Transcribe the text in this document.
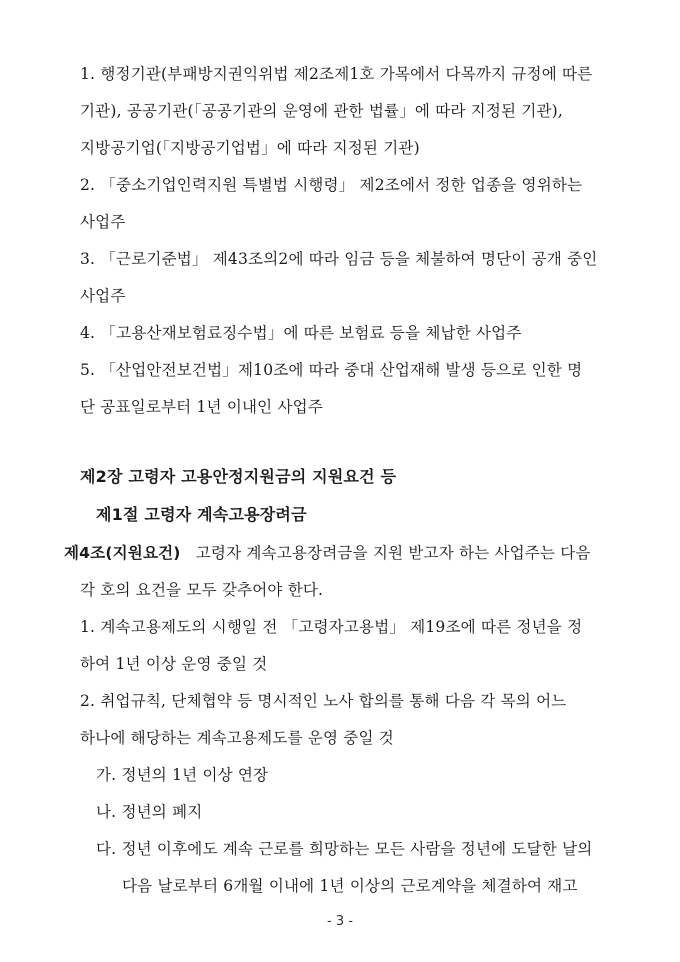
1. 행정기관(부패방지권익위법 제2조제1호 가목에서 다목까지 규정에 따른
기관), 공공기관(「공공기관의 운영에 관한 법률」에 따라 지정된 기관),
지방공기업(「지방공기업법」에 따라 지정된 기관)
2. 「중소기업인력지원 특별법 시행령」 제2조에서 정한 업종을 영위하는
사업주
3. 「근로기준법」 제43조의2에 따라 임금 등을 체불하여 명단이 공개 중인
사업주
4. 「고용산재보험료징수법」에 따른 보험료 등을 체납한 사업주
5. 「산업안전보건법」제10조에 따라 중대 산업재해 발생 등으로 인한 명
단 공표일로부터 1년 이내인 사업주
제2장 고령자 고용안정지원금의 지원요건 등
제1절 고령자 계속고용장려금
제4조(지원요건) 고령자 계속고용장려금을 지원 받고자 하는 사업주는 다음
각 호의 요건을 모두 갖추어야 한다.
1. 계속고용제도의 시행일 전 「고령자고용법」 제19조에 따른 정년을 정
하여 1년 이상 운영 중일 것
2. 취업규칙, 단체협약 등 명시적인 노사 합의를 통해 다음 각 목의 어느
하나에 해당하는 계속고용제도를 운영 중일 것
가. 정년의 1년 이상 연장
나. 정년의 폐지
다. 정년 이후에도 계속 근로를 희망하는 모든 사람을 정년에 도달한 날의
다음 날로부터 6개월 이내에 1년 이상의 근로계약을 체결하여 재고
- 3 -
